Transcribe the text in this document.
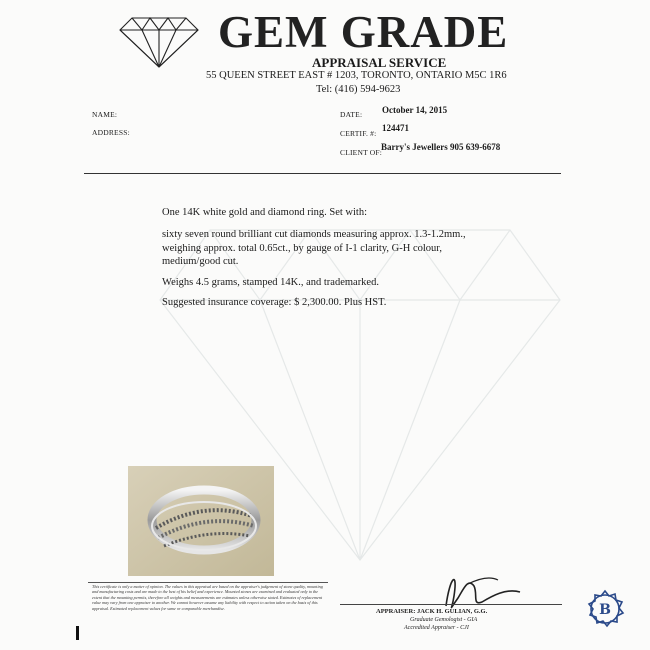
GEM GRADE
APPRAISAL SERVICE
55 QUEEN STREET EAST # 1203, TORONTO, ONTARIO M5C 1R6
Tel: (416) 594-9623
NAME:
ADDRESS:
DATE: October 14, 2015
CERTIF. #:
124471
CLIENT OF:
Barry's Jewellers 905 639-6678
One 14K white gold and diamond ring. Set with:
sixty seven round brilliant cut diamonds measuring approx. 1.3-1.2mm., weighing approx. total 0.65ct., by gauge of I-1 clarity, G-H colour, medium/good cut.
Weighs 4.5 grams, stamped 14K., and trademarked.
Suggested insurance coverage: $ 2,300.00. Plus HST.
This certificate is only a matter of opinion. The values in this appraisal are based on the appraiser's judgement of stone quality, mounting and manufacturing costs and are made to the best of his belief and experience. Mounted stones are examined and evaluated only to the extent that the mounting permits, therefore all weights and measurements are estimates unless otherwise stated. Estimates of replacement value may vary from one appraiser to another. We cannot however assume any liability with respect to action taken on the basis of this appraisal. Estimated replacement values for same or comparable merchandise.	APPRAISER: JACK H. GULIAN, G.G.
Graduate Gemologist - GIA
Accredited Appraiser - CJI
B
